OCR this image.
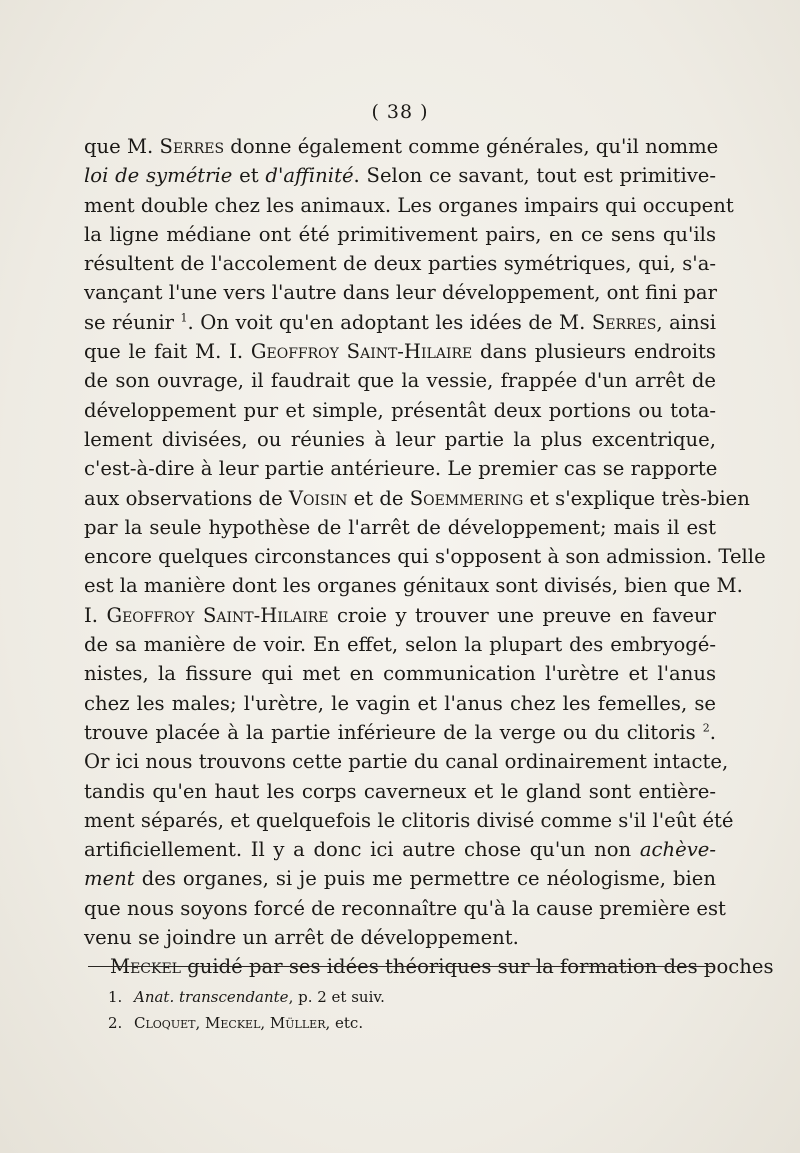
( 38 )
que M. Serres donne également comme générales, qu'il nomme
loi de symétrie et d'affinité. Selon ce savant, tout est primitive-
ment double chez les animaux. Les organes impairs qui occupent
la ligne médiane ont été primitivement pairs, en ce sens qu'ils
résultent de l'accolement de deux parties symétriques, qui, s'a-
vançant l'une vers l'autre dans leur développement, ont fini par
se réunir $^1$. On voit qu'en adoptant les idées de M. Serres, ainsi
que le fait M. I. Geoffroy Saint-Hilaire dans plusieurs endroits
de son ouvrage, il faudrait que la vessie, frappée d'un arrêt de
développement pur et simple, présentât deux portions ou tota-
lement divisées, ou réunies à leur partie la plus excentrique,
c'est-à-dire à leur partie antérieure. Le premier cas se rapporte
aux observations de Voisin et de Soemmering et s'explique très-bien
par la seule hypothèse de l'arrêt de développement; mais il est
encore quelques circonstances qui s'opposent à son admission. Telle
est la manière dont les organes génitaux sont divisés, bien que M.
I. Geoffroy Saint-Hilaire croie y trouver une preuve en faveur
de sa manière de voir. En effet, selon la plupart des embryogé-
nistes, la fissure qui met en communication l'urètre et l'anus
chez les males; l'urètre, le vagin et l'anus chez les femelles, se
trouve placée à la partie inférieure de la verge ou du clitoris $^2$.
Or ici nous trouvons cette partie du canal ordinairement intacte,
tandis qu'en haut les corps caverneux et le gland sont entière-
ment séparés, et quelquefois le clitoris divisé comme s'il l'eût été
artificiellement. Il y a donc ici autre chose qu'un non achève-
ment des organes, si je puis me permettre ce néologisme, bien
que nous soyons forcé de reconnaître qu'à la cause première est
venu se joindre un arrêt de développement.
Meckel guidé par ses idées théoriques sur la formation des poches
1. Anat. transcendante, p. 2 et suiv.
2. Cloquet, Meckel, Müller, etc.
